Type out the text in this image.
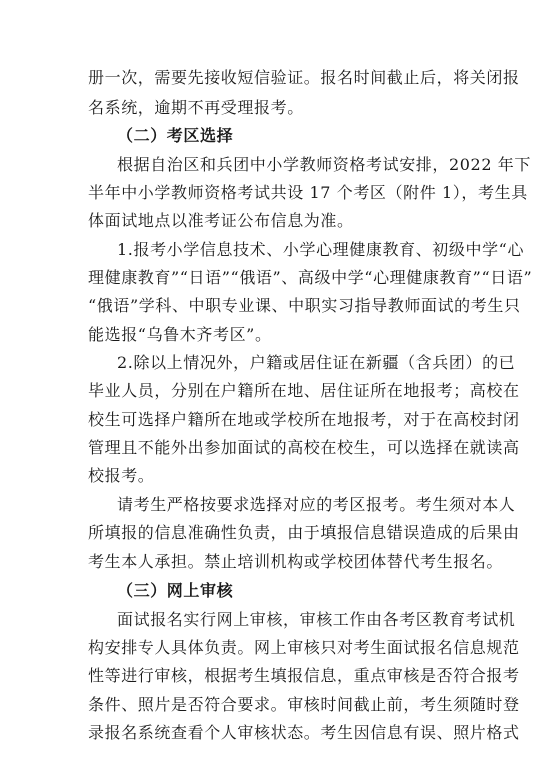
册一次，需要先接收短信验证。报名时间截止后，将关闭报
名系统，逾期不再受理报考。
（二）考区选择
根据自治区和兵团中小学教师资格考试安排，2022 年下
半年中小学教师资格考试共设 17 个考区（附件 1），考生具
体面试地点以准考证公布信息为准。
1.报考小学信息技术、小学心理健康教育、初级中学“心
理健康教育”“日语”“俄语”、高级中学“心理健康教育”“日语”
“俄语”学科、中职专业课、中职实习指导教师面试的考生只
能选报“乌鲁木齐考区”。
2.除以上情况外，户籍或居住证在新疆（含兵团）的已
毕业人员，分别在户籍所在地、居住证所在地报考；高校在
校生可选择户籍所在地或学校所在地报考，对于在高校封闭
管理且不能外出参加面试的高校在校生，可以选择在就读高
校报考。
请考生严格按要求选择对应的考区报考。考生须对本人
所填报的信息准确性负责，由于填报信息错误造成的后果由
考生本人承担。禁止培训机构或学校团体替代考生报名。
（三）网上审核
面试报名实行网上审核，审核工作由各考区教育考试机
构安排专人具体负责。网上审核只对考生面试报名信息规范
性等进行审核，根据考生填报信息，重点审核是否符合报考
条件、照片是否符合要求。审核时间截止前，考生须随时登
录报名系统查看个人审核状态。考生因信息有误、照片格式
